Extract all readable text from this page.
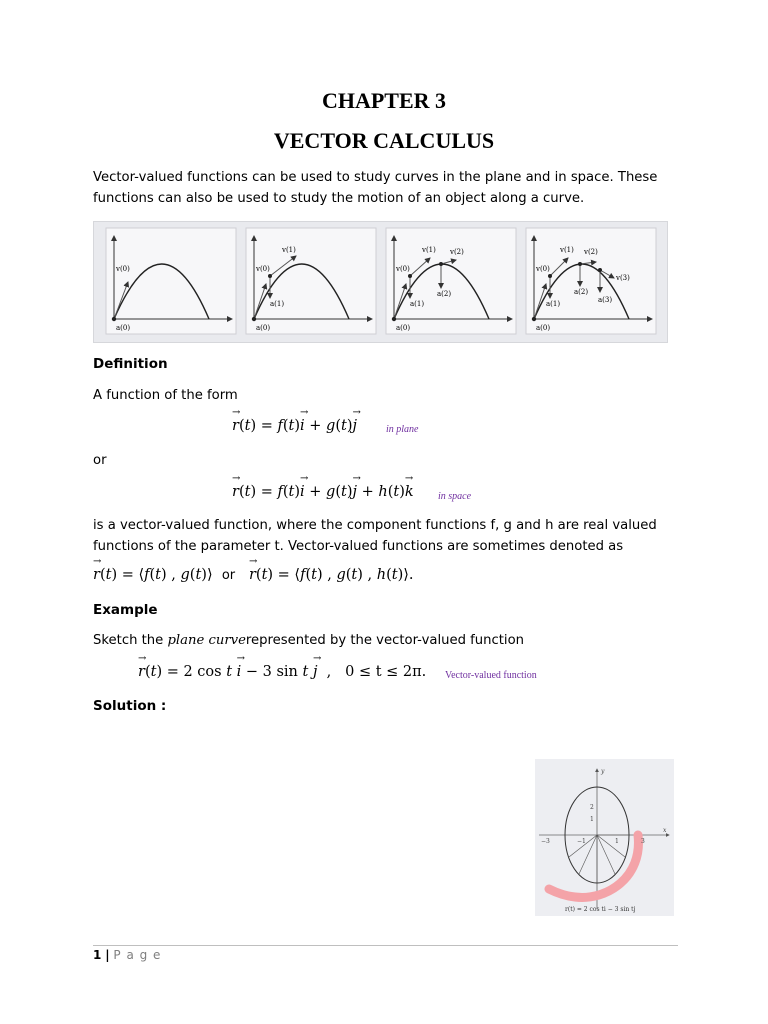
CHAPTER 3
VECTOR CALCULUS
Vector-valued functions can be used to study curves in the plane and in space. These functions can also be used to study the motion of an object along a curve.
v(0)
a(0)
v(1)
v(0)
a(1)
a(0)
v(1) v(2)
v(0)
a(2)
a(1)
a(0)
v(1) v(2)
v(0)
v(3)
a(2)
a(1)	a(3)
a(0)
Definition
A function of the form
→ r(t) = f(t)→ i + g(t)→ j	in plane
or
→ r(t) = f(t)→ i + g(t)→ j + h(t)→ k in space
is a vector-valued function, where the component functions f, g and h are real valued functions of the parameter t. Vector-valued functions are sometimes denoted as
→ r(t) = ⟨f(t) , g(t)⟩  or → r(t) = ⟨f(t) , g(t) , h(t)⟩.
Example
Sketch the plane curverepresented by the vector-valued function
→ r(t) = 2 cos t → i − 3 sin t → j  ,   0 ≤ t ≤ 2π. Vector-valued function
Solution :
2
1
−3	−1	1	3
x
y
r(t) = 2 cos ti − 3 sin tj
1 | P a g e
